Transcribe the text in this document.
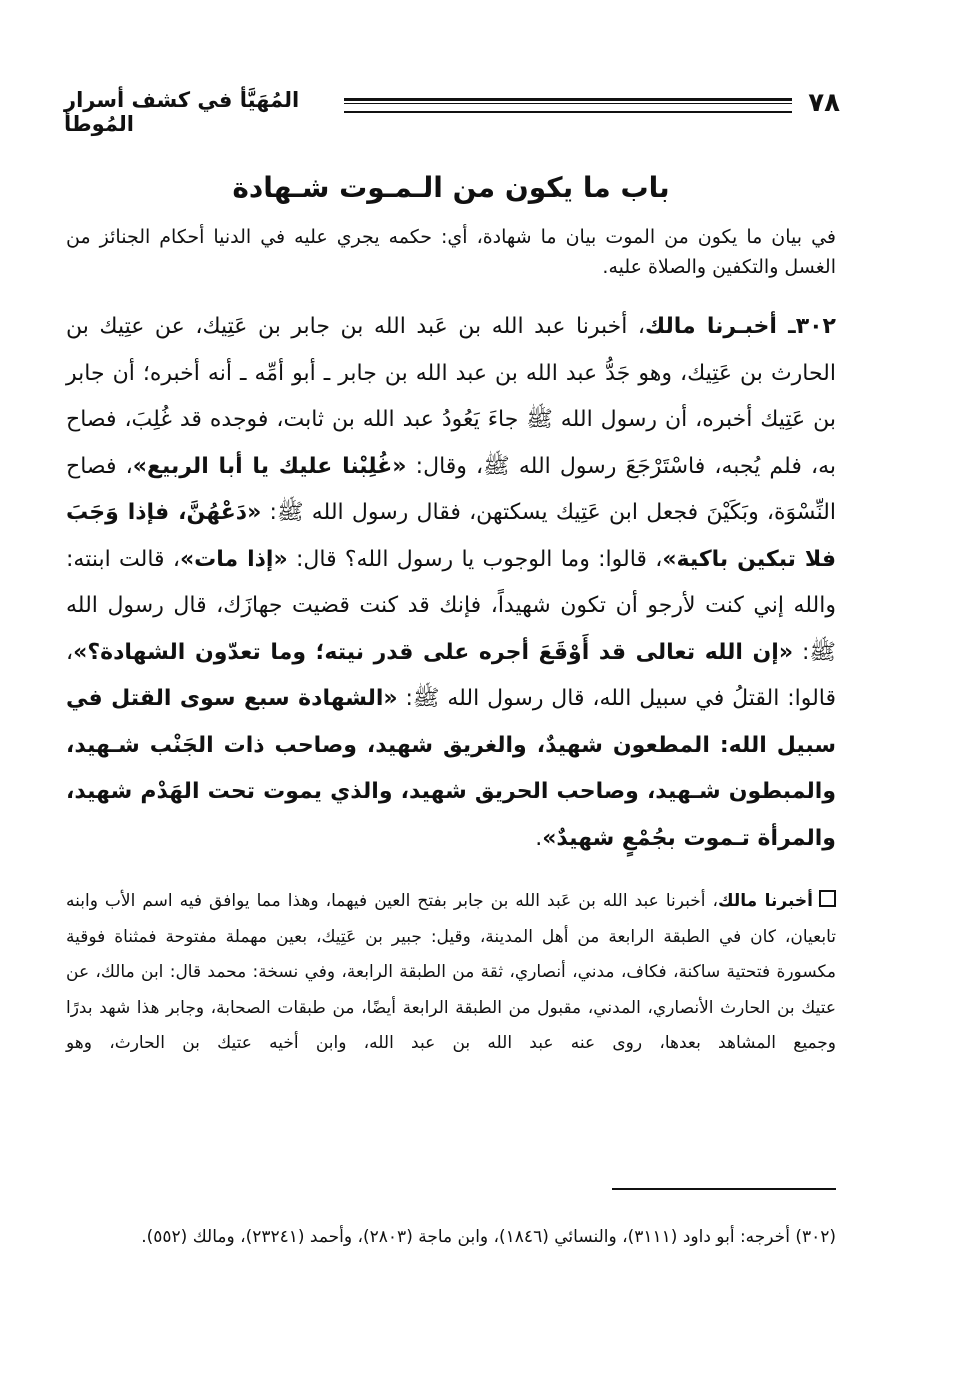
٧٨
المُهَيَّأ في كشف أسرار المُوطأ
باب ما يكون من الـمـوت شـهادة

في بيان ما يكون من الموت بيان ما شهادة، أي: حكمه يجري عليه في الدنيا أحكام الجنائز من الغسل والتكفين والصلاة عليه.

٣٠٢ـ أخبـرنا مالك، أخبرنا عبد الله بن عَبد الله بن جابر بن عَتِيك، عن عتِيك بن الحارث بن عَتِيك، وهو جَدُّ عبد الله بن عبد الله بن جابر ـ أبو أمِّه ـ أنه أخبره؛ أن جابر بن عَتِيك أخبره، أن رسول الله ﷺ جاءَ يَعُودُ عبد الله بن ثابت، فوجده قد غُلِبَ، فصاح به، فلم يُجبه، فاسْتَرْجَعَ رسول الله ﷺ، وقال: «غُلِبْنا عليك يا أبا الربيع»، فصاح النِّسْوَة، وبَكَيْنَ فجعل ابن عَتِيك يسكتهن، فقال رسول الله ﷺ: «دَعْهُنَّ، فإذا وَجَبَ فلا تبكين باكية»، قالوا: وما الوجوب يا رسول الله؟ قال: «إذا مات»، قالت ابنته: والله إني كنت لأرجو أن تكون شهيداً، فإنك قد كنت قضيت جهازَك، قال رسول الله ﷺ: «إن الله تعالى قد أَوْقَعَ أجره على قدر نيته؛ وما تعدّون الشهادة؟»، قالوا: القتلُ في سبيل الله، قال رسول الله ﷺ: «الشهادة سبع سوى القتل في سبيل الله: المطعون شهيدٌ، والغريق شهيد، وصاحب ذات الجَنْب شـهيد، والمبطون شـهيد، وصاحب الحريق شهيد، والذي يموت تحت الهَدْم شهيد، والمرأة تـموت بجُمْعٍ شهيدٌ».

أخبرنا مالك، أخبرنا عبد الله بن عَبد الله بن جابر بفتح العين فيهما، وهذا مما يوافق فيه اسم الأب وابنه تابعيان، كان في الطبقة الرابعة من أهل المدينة، وقيل: جبير بن عَتِيك، بعين مهملة مفتوحة فمثناة فوقية مكسورة فتحتية ساكنة، فكاف، مدني، أنصاري، ثقة من الطبقة الرابعة، وفي نسخة: محمد قال: ابن مالك، عن عتيك بن الحارث الأنصاري، المدني، مقبول من الطبقة الرابعة أيضًا، من طبقات الصحابة، وجابر هذا شهد بدرًا وجميع المشاهد بعدها، روى عنه عبد الله بن عبد الله، وابن أخيه عتيك بن الحارث، وهو

(٣٠٢) أخرجه: أبو داود (٣١١١)، والنسائي (١٨٤٦)، وابن ماجة (٢٨٠٣)، وأحمد (٢٣٢٤١)، ومالك (٥٥٢).
